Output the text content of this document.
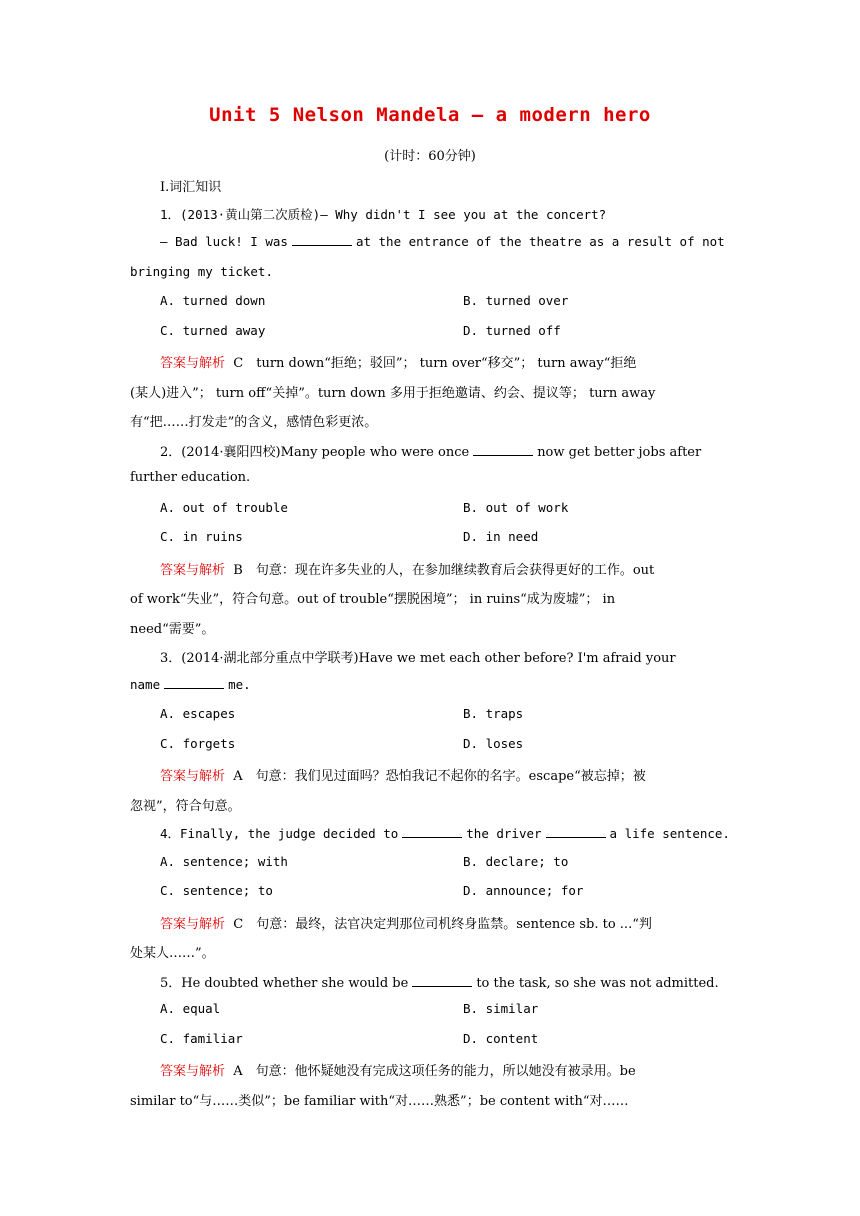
Unit 5 Nelson Mandela — a modern hero
(计时：60分钟)
Ⅰ.词汇知识
1．(2013·黄山第二次质检)— Why didn't I see you at the concert?
— Bad luck! I was	at the entrance of the theatre as a result of not
bringing my ticket.
A. turned down	B. turned over
C. turned away	D. turned off
答案与解析 C　turn down“拒绝；驳回”； turn over“移交”； turn away“拒绝
(某人)进入”； turn off“关掉”。turn down 多用于拒绝邀请、约会、提议等； turn away
有“把……打发走”的含义，感情色彩更浓。
2．(2014·襄阳四校)Many people who were once	now get better jobs after
further education.
A. out of trouble	B. out of work
C. in ruins	D. in need
答案与解析 B　句意：现在许多失业的人，在参加继续教育后会获得更好的工作。out
of work“失业”，符合句意。out of trouble“摆脱困境”； in ruins“成为废墟”； in
need“需要”。
3．(2014·湖北部分重点中学联考)Have we met each other before? I'm afraid your
name	me.
A. escapes	B. traps
C. forgets	D. loses
答案与解析 A　句意：我们见过面吗？恐怕我记不起你的名字。escape“被忘掉；被
忽视”，符合句意。
4．Finally, the judge decided to	the driver	a life sentence.
A. sentence; with	B. declare; to
C. sentence; to	D. announce; for
答案与解析 C　句意：最终，法官决定判那位司机终身监禁。sentence sb. to ...“判
处某人……”。
5．He doubted whether she would be	to the task, so she was not admitted.
A. equal	B. similar
C. familiar	D. content
答案与解析 A　句意：他怀疑她没有完成这项任务的能力，所以她没有被录用。be
similar to“与……类似”；be familiar with“对……熟悉”；be content with“对……
